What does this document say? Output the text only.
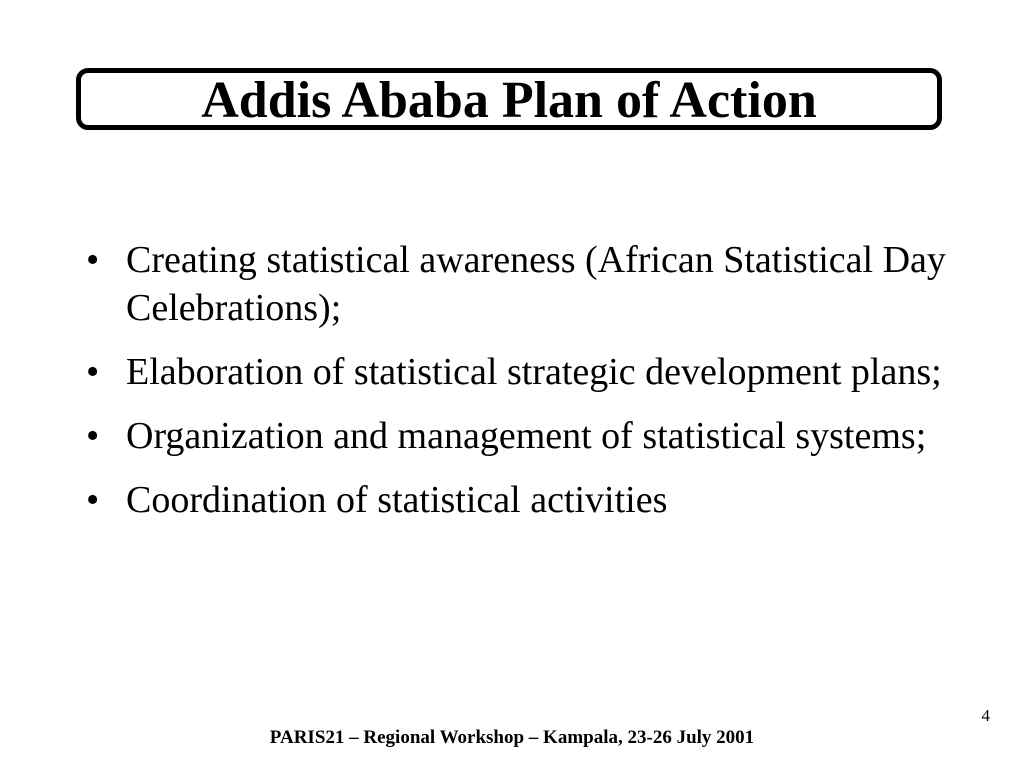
Addis Ababa Plan of Action
• Creating statistical awareness (African Statistical Day Celebrations);
• Elaboration of statistical strategic development plans;
• Organization and management of statistical systems;
• Coordination of statistical activities
4
PARIS21 – Regional Workshop – Kampala, 23-26 July 2001
